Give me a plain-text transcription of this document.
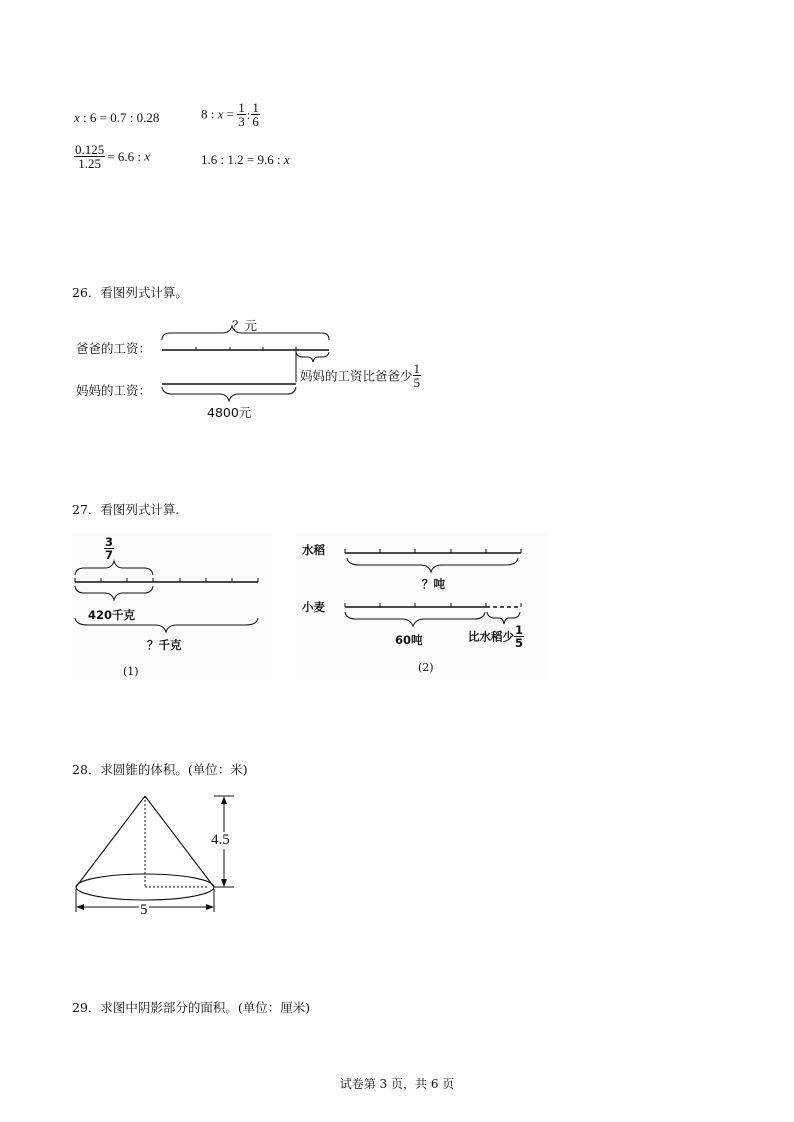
x : 6 = 0.7 : 0.28	8 : $x = \frac{1}{3}$ : $\frac{1}{6}$
$\frac{0.125}{1.25} = 6.6$ : x	1.6 : 1.2 = 9.6 : x
26．看图列式计算。
？元
爸爸的工资：
妈妈的工资：
4800元
妈妈的工资比爸爸少 $\frac{1}{5}$
27．看图列式计算.
$\frac{3}{7}$
420千克
？千克
(1)
水稻
？吨
小麦
60吨	比水稻少 $\frac{1}{5}$
(2)
28．求圆锥的体积。(单位：米)
4.5
5
29．求图中阴影部分的面积。(单位：厘米)
试卷第 3 页，共 6 页
